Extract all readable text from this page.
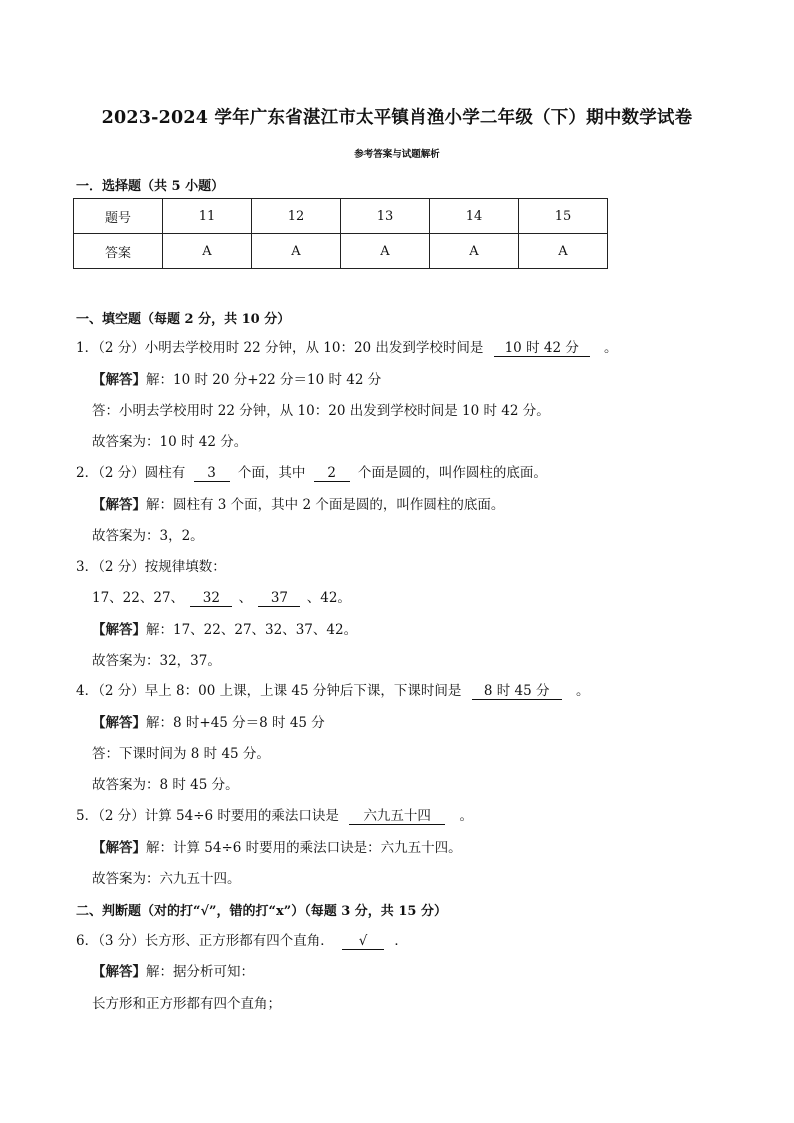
2023-2024 学年广东省湛江市太平镇肖渔小学二年级（下）期中数学试卷
参考答案与试题解析
一．选择题（共 5 小题）
题号	11	12	13	14	15
答案	A	A	A	A	A
一、填空题（每题 2 分，共 10 分）
1．（2 分）小明去学校用时 22 分钟，从 10：20 出发到学校时间是 10 时 42 分 。
【解答】解：10 时 20 分+22 分＝10 时 42 分
答：小明去学校用时 22 分钟，从 10：20 出发到学校时间是 10 时 42 分。
故答案为：10 时 42 分。
2．（2 分）圆柱有 3 个面，其中 2 个面是圆的，叫作圆柱的底面。
【解答】解：圆柱有 3 个面，其中 2 个面是圆的，叫作圆柱的底面。
故答案为：3，2。
3．（2 分）按规律填数：
17、22、27、 32 、 37 、42。
【解答】解：17、22、27、32、37、42。
故答案为：32，37。
4．（2 分）早上 8：00 上课，上课 45 分钟后下课，下课时间是 8 时 45 分 。
【解答】解：8 时+45 分＝8 时 45 分
答：下课时间为 8 时 45 分。
故答案为：8 时 45 分。
5．（2 分）计算 54÷6 时要用的乘法口诀是 六九五十四 。
【解答】解：计算 54÷6 时要用的乘法口诀是：六九五十四。
故答案为：六九五十四。
二、判断题（对的打“√”，错的打“x”）（每题 3 分，共 15 分）
6．（3 分）长方形、正方形都有四个直角． √ ．
【解答】解：据分析可知：
长方形和正方形都有四个直角；
